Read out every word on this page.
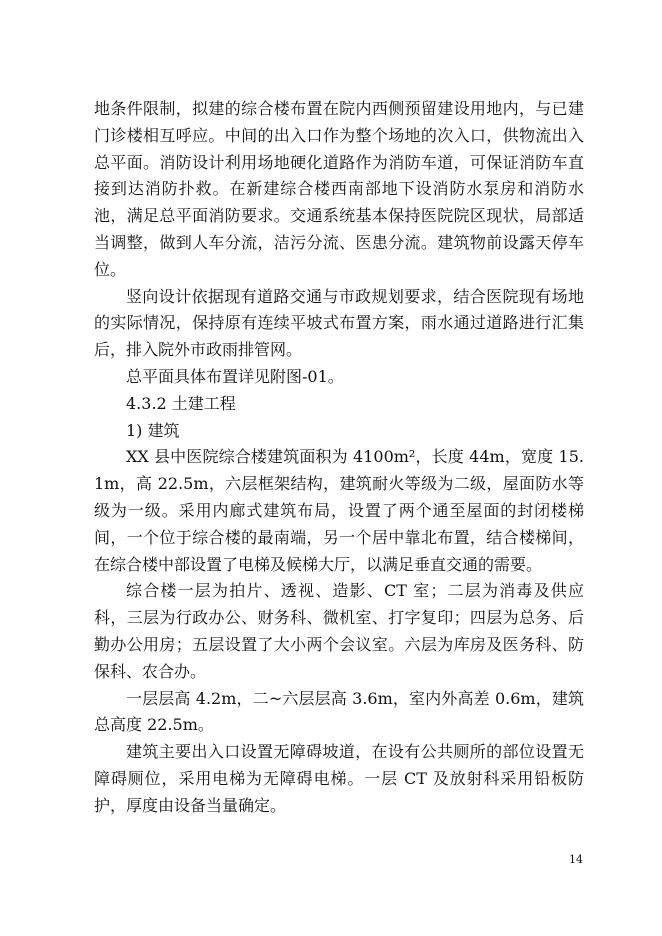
地条件限制，拟建的综合楼布置在院内西侧预留建设用地内，与已建门诊楼相互呼应。中间的出入口作为整个场地的次入口，供物流出入总平面。消防设计利用场地硬化道路作为消防车道，可保证消防车直接到达消防扑救。在新建综合楼西南部地下设消防水泵房和消防水池，满足总平面消防要求。交通系统基本保持医院院区现状，局部适当调整，做到人车分流，洁污分流、医患分流。建筑物前设露天停车位。

竖向设计依据现有道路交通与市政规划要求，结合医院现有场地的实际情况，保持原有连续平坡式布置方案，雨水通过道路进行汇集后，排入院外市政雨排管网。

总平面具体布置详见附图-01。

4.3.2 土建工程

1) 建筑

XX 县中医院综合楼建筑面积为 4100m²，长度 44m，宽度 15.1m，高 22.5m，六层框架结构，建筑耐火等级为二级，屋面防水等级为一级。采用内廊式建筑布局，设置了两个通至屋面的封闭楼梯间，一个位于综合楼的最南端，另一个居中靠北布置，结合楼梯间，在综合楼中部设置了电梯及候梯大厅，以满足垂直交通的需要。

综合楼一层为拍片、透视、造影、CT 室；二层为消毒及供应科，三层为行政办公、财务科、微机室、打字复印；四层为总务、后勤办公用房；五层设置了大小两个会议室。六层为库房及医务科、防保科、农合办。

一层层高 4.2m，二~六层层高 3.6m，室内外高差 0.6m，建筑总高度 22.5m。

建筑主要出入口设置无障碍坡道，在设有公共厕所的部位设置无障碍厕位，采用电梯为无障碍电梯。一层 CT 及放射科采用铅板防护，厚度由设备当量确定。

14
